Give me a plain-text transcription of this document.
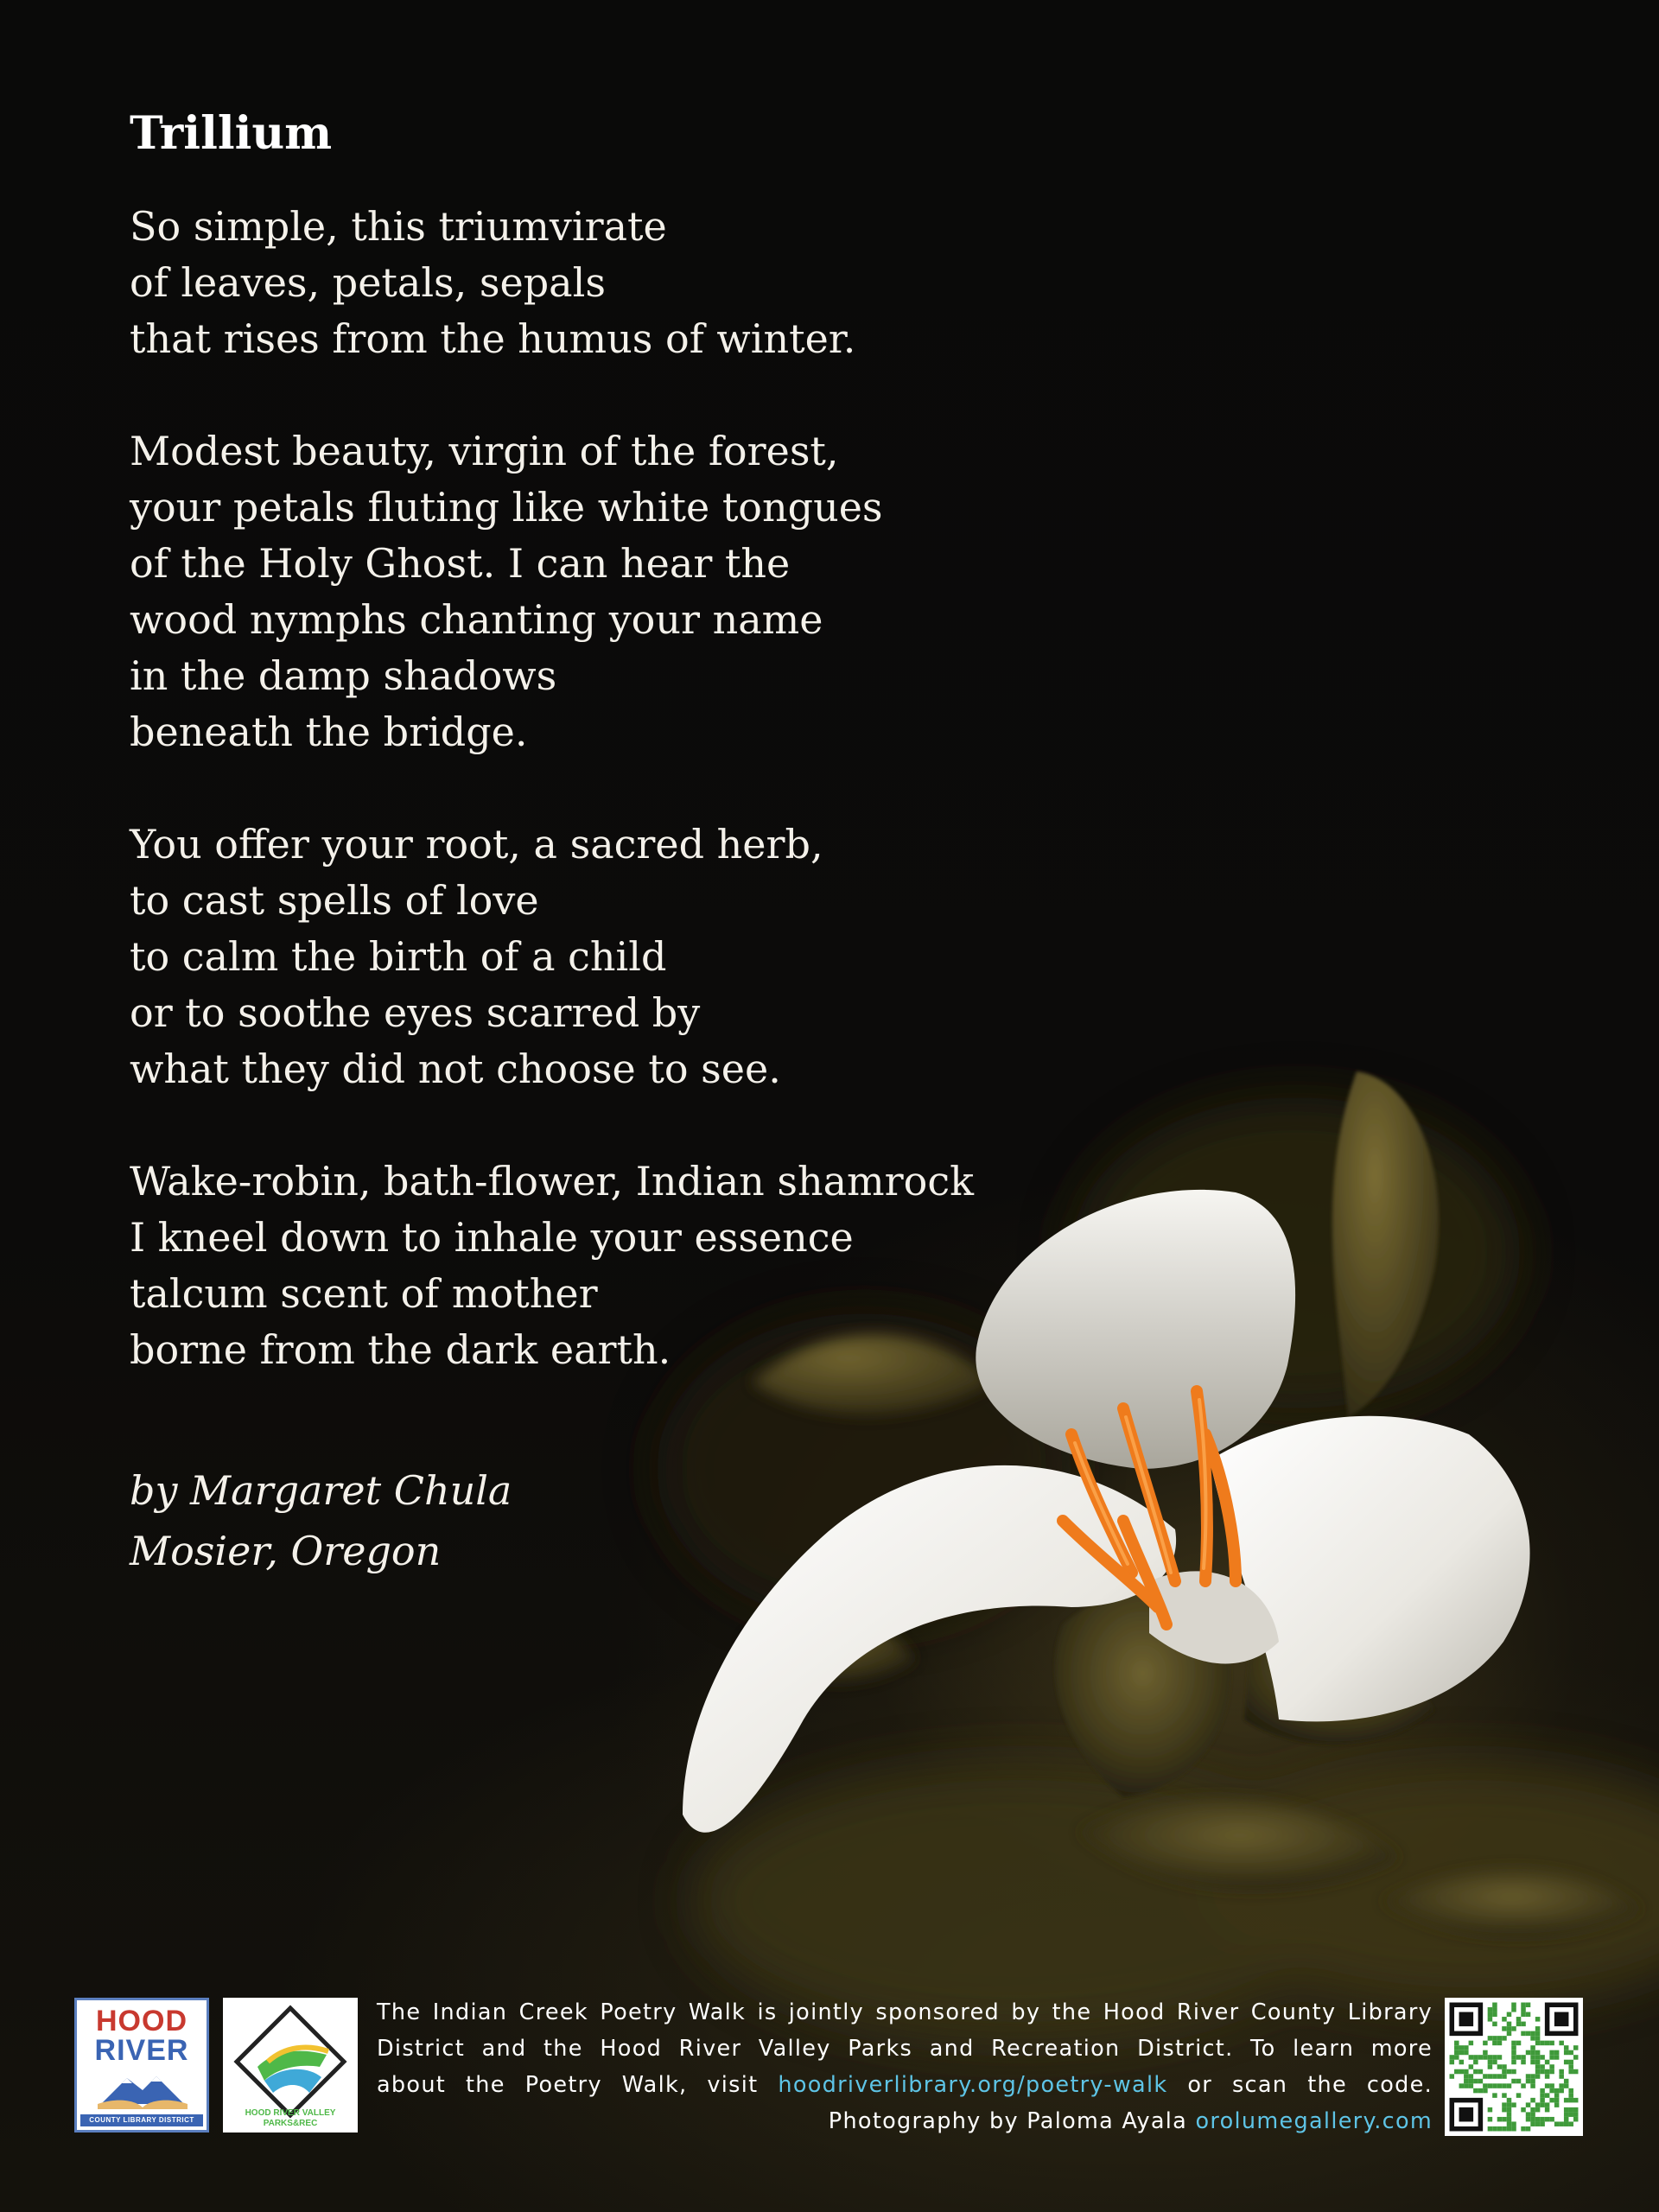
Trillium
So simple, this triumvirate
of leaves, petals, sepals
that rises from the humus of winter.
Modest beauty, virgin of the forest,
your petals fluting like white tongues
of the Holy Ghost. I can hear the
wood nymphs chanting your name
in the damp shadows
beneath the bridge.
You offer your root, a sacred herb,
to cast spells of love
to calm the birth of a child
or to soothe eyes scarred by
what they did not choose to see.
Wake-robin, bath-flower, Indian shamrock
I kneel down to inhale your essence
talcum scent of mother
borne from the dark earth.
by Margaret Chula
Mosier, Oregon
HOOD
RIVER
COUNTY LIBRARY DISTRICT
HOOD RIVER VALLEY PARKS&REC
The Indian Creek Poetry Walk is jointly sponsored by the Hood River County Library
District and the Hood River Valley Parks and Recreation District. To learn more
about the Poetry Walk, visit hoodriverlibrary.org/poetry-walk or scan the code.
Photography by Paloma Ayala orolumegallery.com
